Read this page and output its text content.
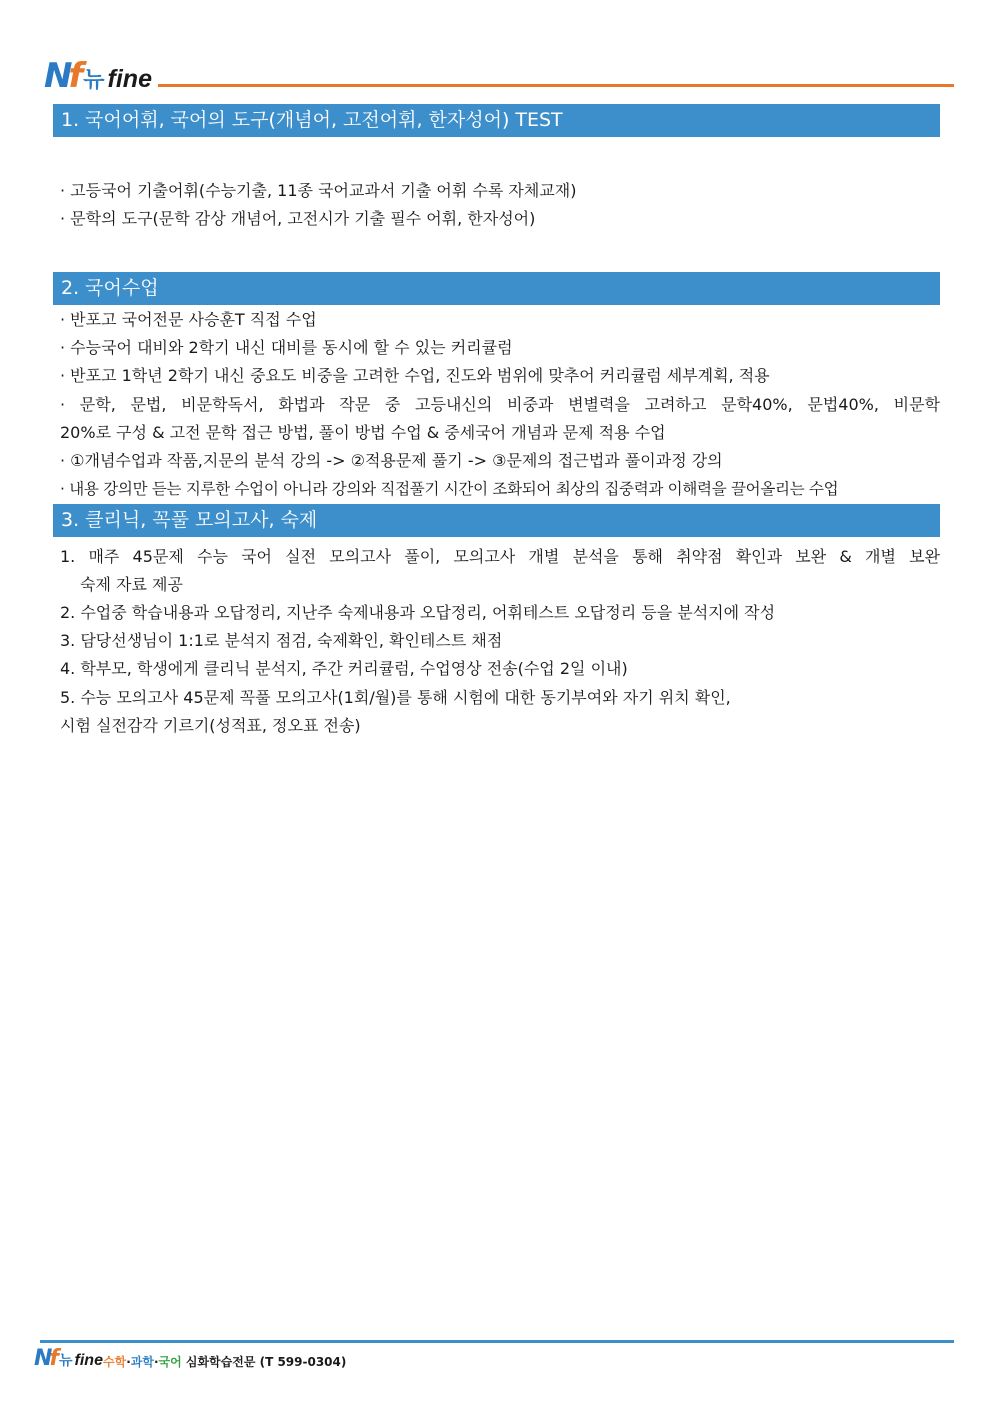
Nf 뉴 fine
1. 국어어휘, 국어의 도구(개념어, 고전어휘, 한자성어) TEST
· 고등국어 기출어휘(수능기출, 11종 국어교과서 기출 어휘 수록 자체교재)
· 문학의 도구(문학 감상 개념어, 고전시가 기출 필수 어휘, 한자성어)
2. 국어수업
· 반포고 국어전문 사승훈T 직접 수업
· 수능국어 대비와 2학기 내신 대비를 동시에 할 수 있는 커리큘럼
· 반포고 1학년 2학기 내신 중요도 비중을 고려한 수업, 진도와 범위에 맞추어 커리큘럼 세부계획, 적용
· 문학, 문법, 비문학독서, 화법과 작문 중 고등내신의 비중과 변별력을 고려하고 문학40%, 문법40%, 비문학
20%로 구성 & 고전 문학 접근 방법, 풀이 방법 수업 & 중세국어 개념과 문제 적용 수업
· ①개념수업과 작품,지문의 분석 강의 -> ②적용문제 풀기 -> ③문제의 접근법과 풀이과정 강의
· 내용 강의만 듣는 지루한 수업이 아니라 강의와 직접풀기 시간이 조화되어 최상의 집중력과 이해력을 끌어올리는 수업
3. 클리닉, 꼭풀 모의고사, 숙제
1. 매주 45문제 수능 국어 실전 모의고사 풀이, 모의고사 개별 분석을 통해 취약점 확인과 보완 & 개별 보완
숙제 자료 제공
2. 수업중 학습내용과 오답정리, 지난주 숙제내용과 오답정리, 어휘테스트 오답정리 등을 분석지에 작성
3. 담당선생님이 1:1로 분석지 점검, 숙제확인, 확인테스트 채점
4. 학부모, 학생에게 클리닉 분석지, 주간 커리큘럼, 수업영상 전송(수업 2일 이내)
5. 수능 모의고사 45문제 꼭풀 모의고사(1회/월)를 통해 시험에 대한 동기부여와 자기 위치 확인,
시험 실전감각 기르기(성적표, 정오표 전송)
Nf 뉴 fine 수학·과학·국어 심화학습전문 (T 599-0304)
